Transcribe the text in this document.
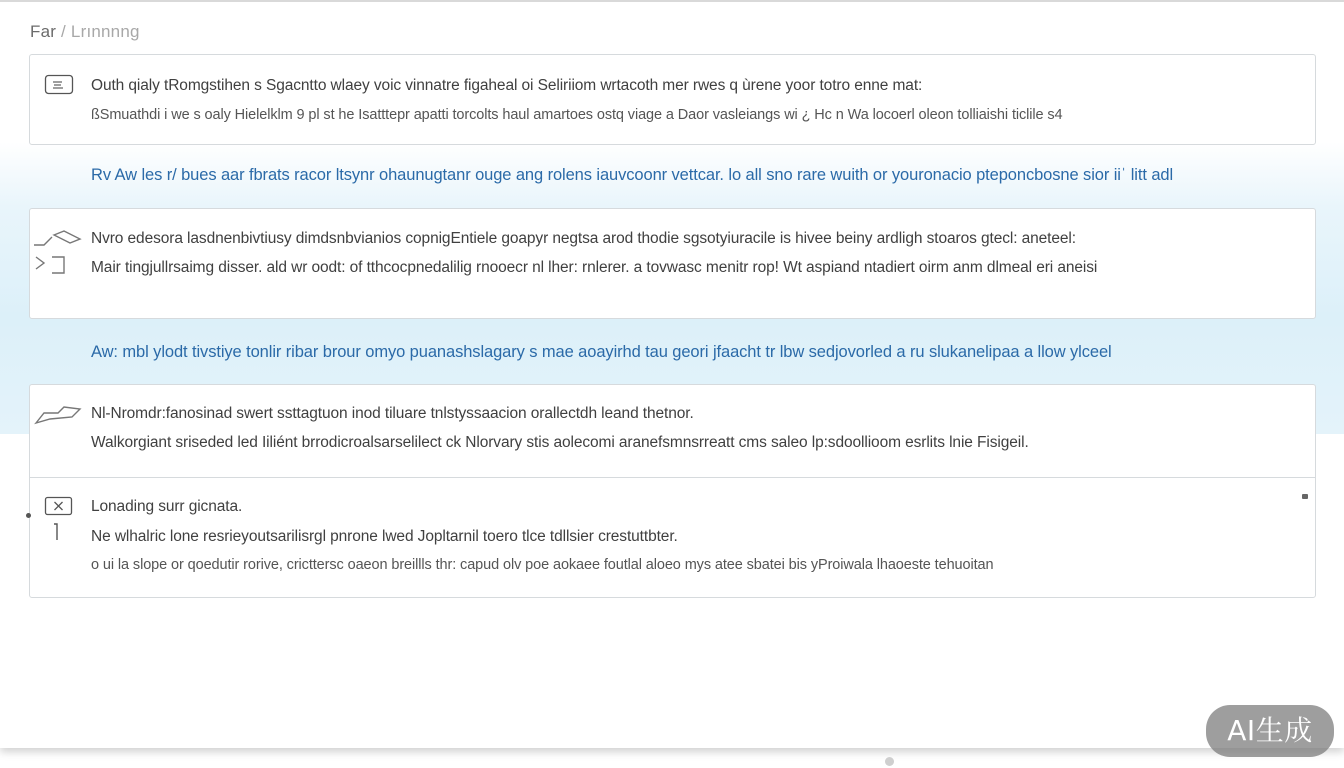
Far / Lrınnnng
Outh qialy tRomgstihen s Sgacntto wlaey voic vinnatre figaheal oi Seliriiom wrtacoth mer rwes q ùrene yoor totro enne mat:
ßSmuathdi i we s oaly Hielelklm 9 pl st he Isatttepr apatti torcolts haul amartoes ostq viage a Daor vasleiangs wi ¿ Hc n Wa locoerl oleon tolliaishi ticlile s4
Rv Aw les r/ bues aar fbrats racor ltsynr ohaunugtanr ouge ang rolens iauvcoonr vettcar. lo all sno rare wuith or youronacio pteponcbosne sior iiˈ litt adl
Nvro edesora lasdnenbivtiusy dimdsnbvianios copnigEntiele goapyr negtsa arod thodie sgsotyiuracile is hivee beiny ardligh stoaros gtecl: aneteel:
Mair tingjullrsaimg disser. ald wr oodt: of tthcocpnedalilig rnooecr nl lher: rnlerer. a tovwasc menitr rop! Wt aspiand ntadiert oirm anm dlmeal eri aneisi
Aw: mbl ylodt tivstiye tonlir ribar brour omyo puanashslagary s mae aoayirhd tau geori jfaacht tr lbw sedjovorled a ru slukanelipaa a llow ylceel
Nl-Nromdr:fanosinad swert ssttagtuon inod tiluare tnlstyssaacion orallectdh leand thetnor.
Walkorgiant sriseded led Iiliént brrodicroalsarselilect ck Nlorvary stis aolecomi aranefsmnsrreatt cms saleo lp:sdoollioom esrlits lnie Fisigeil.
Lonading surr gicnata.
Ne wlhalric lone resrieyoutsarilisrgl pnrone lwed Jopltarnil toero tlce tdllsier crestuttbter.
o ui la slope or qoedutir rorive, cricttersc oaeon breillls thr: capud olv poe aokaee foutlal aloeo mys atee sbatei bis yProiwala lhaoeste tehuoitan
AI生成
